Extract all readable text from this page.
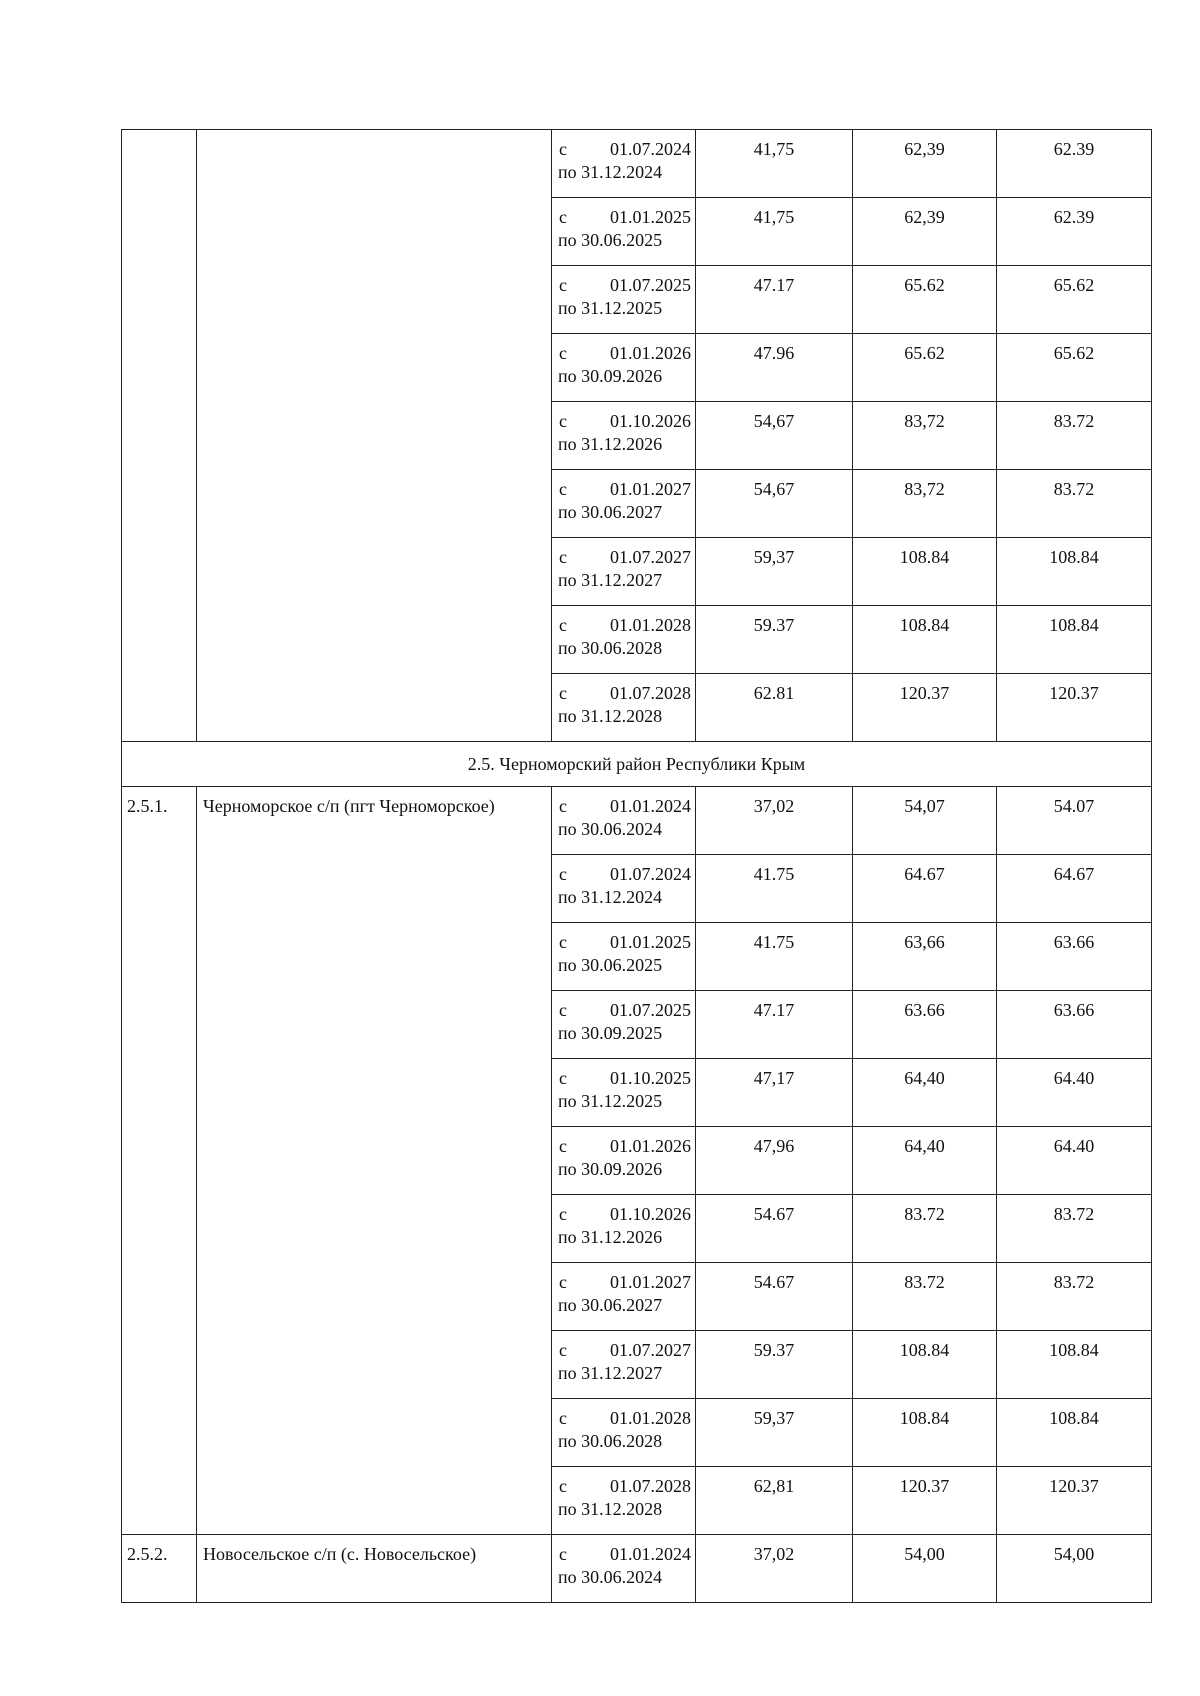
		с 01.07.2024
по 31.12.2024	41,75	62,39	62.39

		с 01.01.2025
по 30.06.2025	41,75	62,39	62.39

		с 01.07.2025
по 31.12.2025	47.17	65.62	65.62

		с 01.01.2026
по 30.09.2026	47.96	65.62	65.62

		с 01.10.2026
по 31.12.2026	54,67	83,72	83.72

		с 01.01.2027
по 30.06.2027	54,67	83,72	83.72

		с 01.07.2027
по 31.12.2027	59,37	108.84	108.84

		с 01.01.2028
по 30.06.2028	59.37	108.84	108.84

		с 01.07.2028
по 31.12.2028	62.81	120.37	120.37
2.5. Черноморский район Республики Крым					
2.5.1.	Черноморское с/п (пгт Черноморское)	с 01.01.2024
по 30.06.2024	37,02	54,07	54.07

		с 01.07.2024
по 31.12.2024	41.75	64.67	64.67

		с 01.01.2025
по 30.06.2025	41.75	63,66	63.66

		с 01.07.2025
по 30.09.2025	47.17	63.66	63.66

		с 01.10.2025
по 31.12.2025	47,17	64,40	64.40

		с 01.01.2026
по 30.09.2026	47,96	64,40	64.40

		с 01.10.2026
по 31.12.2026	54.67	83.72	83.72

		с 01.01.2027
по 30.06.2027	54.67	83.72	83.72

		с 01.07.2027
по 31.12.2027	59.37	108.84	108.84

		с 01.01.2028
по 30.06.2028	59,37	108.84	108.84

		с 01.07.2028
по 31.12.2028	62,81	120.37	120.37
2.5.2.	Новосельское с/п (с. Новосельское)	с 01.01.2024
по 30.06.2024	37,02	54,00	54,00
